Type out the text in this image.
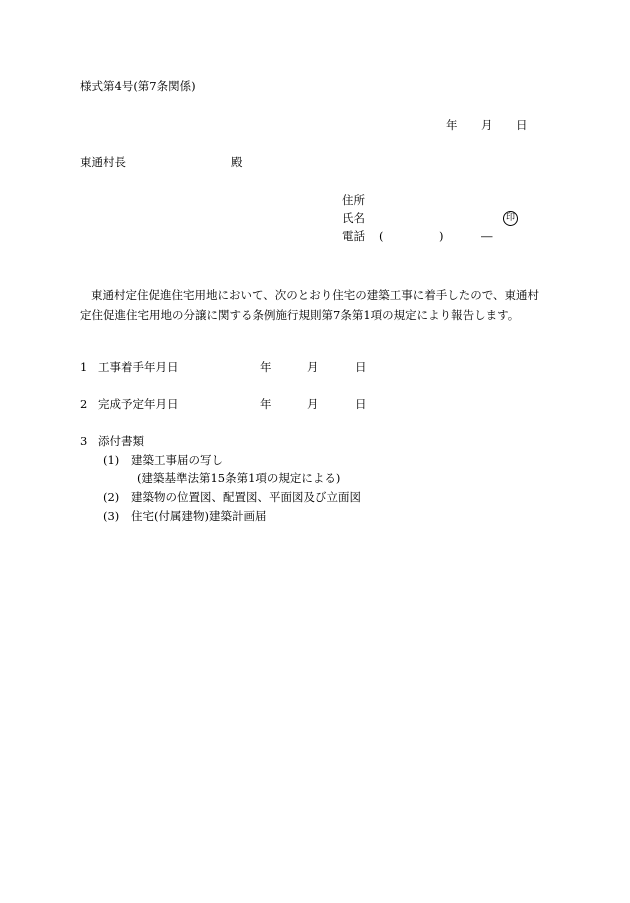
様式第4号(第7条関係)
年 月 日
東通村長	殿
住所
氏名	印
電話 (	)	―

東通村定住促進住宅用地において、次のとおり住宅の建築工事に着手したので、東通村

定住促進住宅用地の分譲に関する条例施行規則第7条第1項の規定により報告します。

1 工事着手年月日	年	月	日
2 完成予定年月日	年	月	日
3 添付書類
(1) 建築工事届の写し
(建築基準法第15条第1項の規定による)
(2) 建築物の位置図、配置図、平面図及び立面図
(3) 住宅(付属建物)建築計画届
